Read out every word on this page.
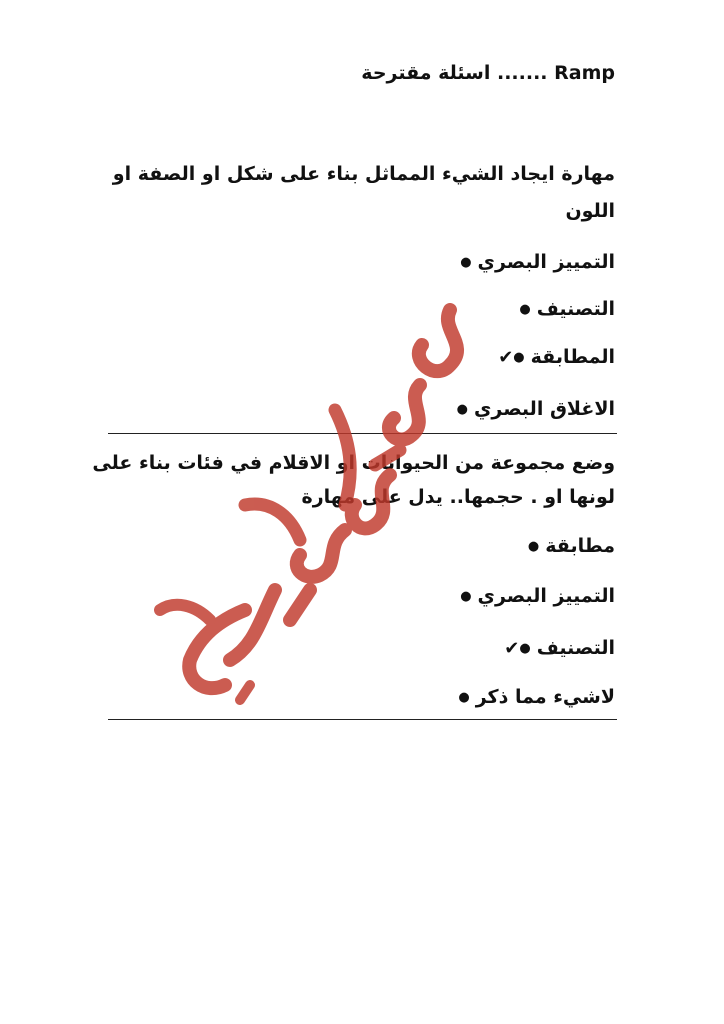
Ramp ....... اسئلة مقترحة
مهارة ايجاد الشيء المماثل بناء على شكل او الصفة او
اللون
التمييز البصري●
التصنيف●
المطابقة●✔
الاغلاق البصري●
وضع مجموعة من الحيوانات او الاقلام في فئات بناء على
لونها او . حجمها.. يدل على مهارة
مطابقة●
التمييز البصري●
التصنيف●✔
لاشيء مما ذكر●
